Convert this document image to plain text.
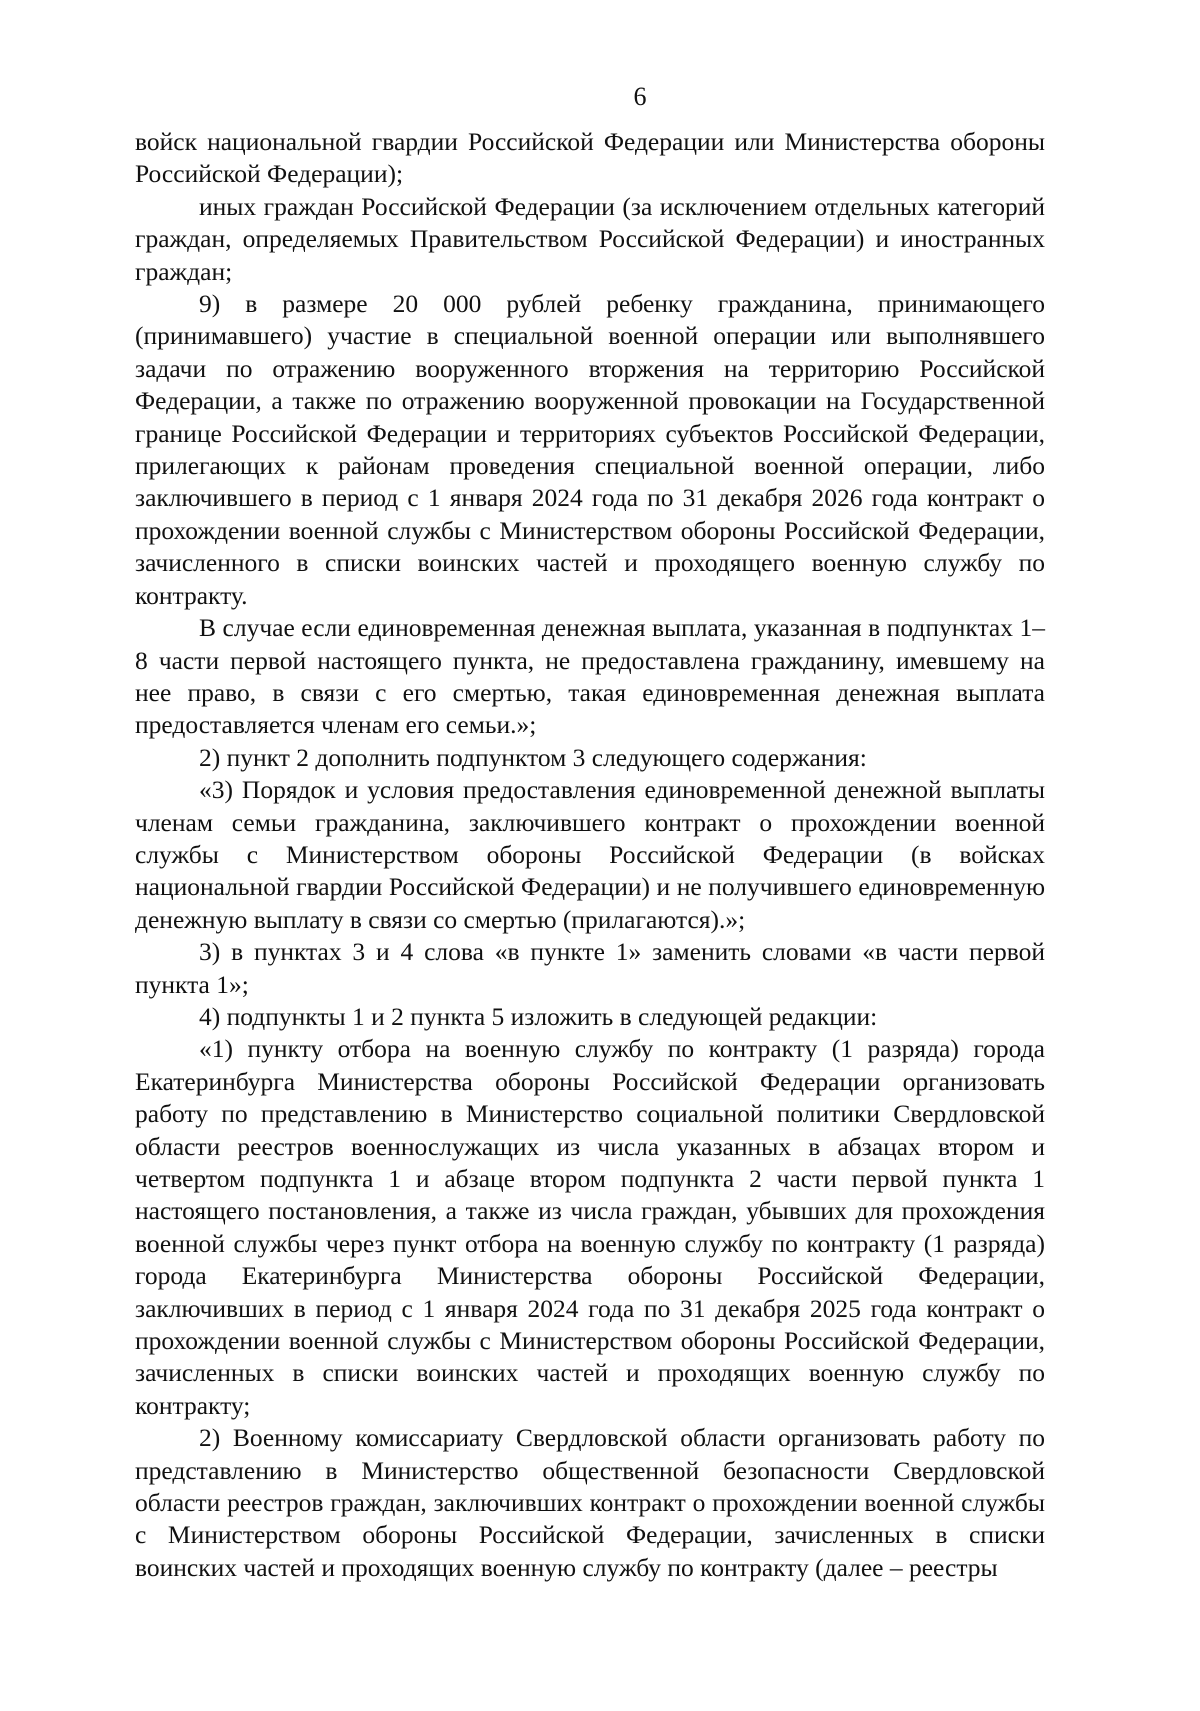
6

войск национальной гвардии Российской Федерации или Министерства обороны Российской Федерации);

иных граждан Российской Федерации (за исключением отдельных категорий граждан, определяемых Правительством Российской Федерации) и иностранных граждан;

9) в размере 20 000 рублей ребенку гражданина, принимающего (принимавшего) участие в специальной военной операции или выполнявшего задачи по отражению вооруженного вторжения на территорию Российской Федерации, а также по отражению вооруженной провокации на Государственной границе Российской Федерации и территориях субъектов Российской Федерации, прилегающих к районам проведения специальной военной операции, либо заключившего в период с 1 января 2024 года по 31 декабря 2026 года контракт о прохождении военной службы с Министерством обороны Российской Федерации, зачисленного в списки воинских частей и проходящего военную службу по контракту.

В случае если единовременная денежная выплата, указанная в подпунктах 1–8 части первой настоящего пункта, не предоставлена гражданину, имевшему на нее право, в связи с его смертью, такая единовременная денежная выплата предоставляется членам его семьи.»;

2) пункт 2 дополнить подпунктом 3 следующего содержания:

«3) Порядок и условия предоставления единовременной денежной выплаты членам семьи гражданина, заключившего контракт о прохождении военной службы с Министерством обороны Российской Федерации (в войсках национальной гвардии Российской Федерации) и не получившего единовременную денежную выплату в связи со смертью (прилагаются).»;

3) в пунктах 3 и 4 слова «в пункте 1» заменить словами «в части первой пункта 1»;

4) подпункты 1 и 2 пункта 5 изложить в следующей редакции:

«1) пункту отбора на военную службу по контракту (1 разряда) города Екатеринбурга Министерства обороны Российской Федерации организовать работу по представлению в Министерство социальной политики Свердловской области реестров военнослужащих из числа указанных в абзацах втором и четвертом подпункта 1 и абзаце втором подпункта 2 части первой пункта 1 настоящего постановления, а также из числа граждан, убывших для прохождения военной службы через пункт отбора на военную службу по контракту (1 разряда) города Екатеринбурга Министерства обороны Российской Федерации, заключивших в период с 1 января 2024 года по 31 декабря 2025 года контракт о прохождении военной службы с Министерством обороны Российской Федерации, зачисленных в списки воинских частей и проходящих военную службу по контракту;

2) Военному комиссариату Свердловской области организовать работу по представлению в Министерство общественной безопасности Свердловской области реестров граждан, заключивших контракт о прохождении военной службы с Министерством обороны Российской Федерации, зачисленных в списки воинских частей и проходящих военную службу по контракту (далее – реестры
